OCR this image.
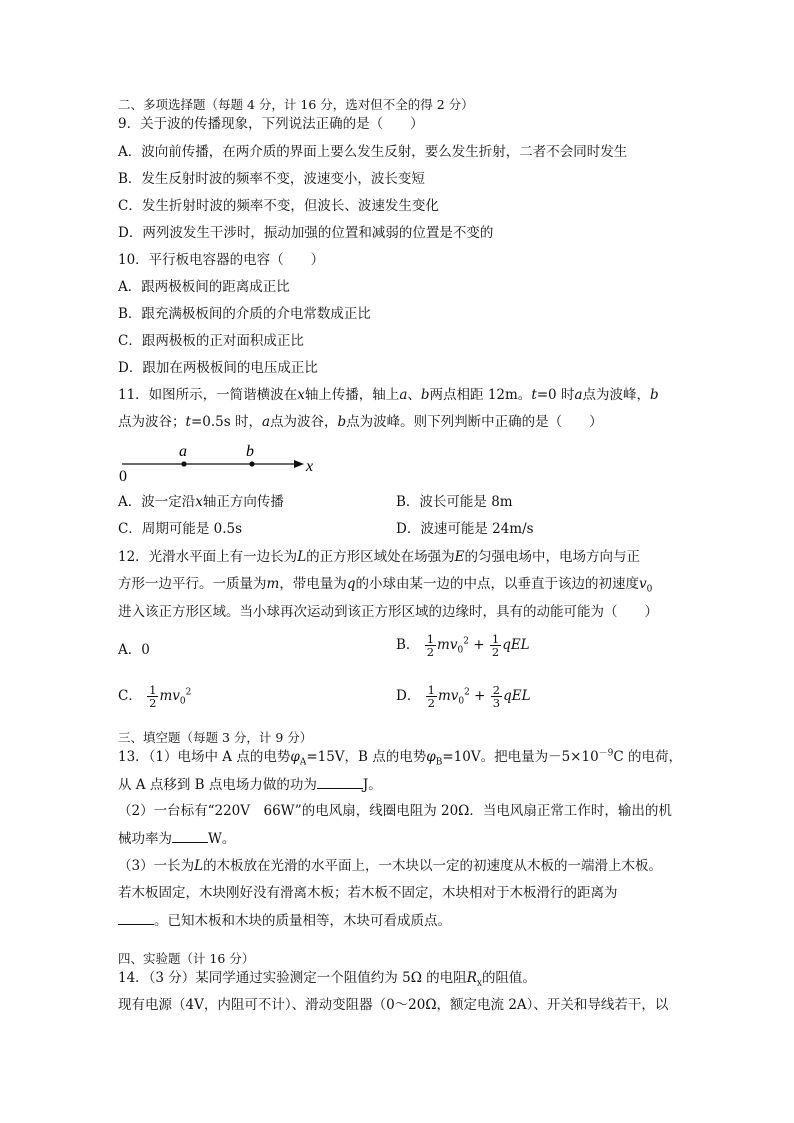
二、多项选择题（每题 4 分，计 16 分，选对但不全的得 2 分）
9．关于波的传播现象，下列说法正确的是（　　）
A．波向前传播，在两介质的界面上要么发生反射，要么发生折射，二者不会同时发生
B．发生反射时波的频率不变，波速变小，波长变短
C．发生折射时波的频率不变，但波长、波速发生变化
D．两列波发生干涉时，振动加强的位置和减弱的位置是不变的
10．平行板电容器的电容（　　）
A．跟两极板间的距离成正比
B．跟充满极板间的介质的介电常数成正比
C．跟两极板的正对面积成正比
D．跟加在两极板间的电压成正比
11．如图所示，一简谐横波在x轴上传播，轴上a、b两点相距 12m。t=0 时a点为波峰，b
点为波谷；t=0.5s 时，a点为波谷，b点为波峰。则下列判断中正确的是（　　）
0
a	b
x
A．波一定沿x轴正方向传播	B．波长可能是 8m
C．周期可能是 0.5s	D．波速可能是 24m/s
12．光滑水平面上有一边长为L的正方形区域处在场强为E的匀强电场中，电场方向与正
方形一边平行。一质量为m，带电量为q的小球由某一边的中点，以垂直于该边的初速度$v_0$
进入该正方形区域。当小球再次运动到该正方形区域的边缘时，具有的动能可能为（　　）
A．0	B． $\frac{1}{2} mv_0^2 + \frac{1}{2}$ qEL
C． $\frac{1}{2} mv_0^2$	D． $\frac{1}{2} mv_0^2 + \frac{2}{3}$ qEL
三、填空题（每题 3 分，计 9 分）
13．（1）电场中 A 点的电势$\varphi_A=15V$，B 点的电势$\varphi_B=10V$。把电量为$-5\times 10^{-9}C$ 的电荷，
从 A 点移到 B 点电场力做的功为	J。
（2）一台标有“220V　66W”的电风扇，线圈电阻为 20Ω．当电风扇正常工作时，输出的机
械功率为	W。
（3）一长为L的木板放在光滑的水平面上，一木块以一定的初速度从木板的一端滑上木板。
若木板固定，木块刚好没有滑离木板；若木板不固定，木块相对于木板滑行的距离为
。已知木板和木块的质量相等，木块可看成质点。
四、实验题（计 16 分）
14．（3 分）某同学通过实验测定一个阻值约为 5Ω 的电阻$R_x$的阻值。
现有电源（4V，内阻可不计）、滑动变阻器（0～20Ω，额定电流 2A）、开关和导线若干，以
